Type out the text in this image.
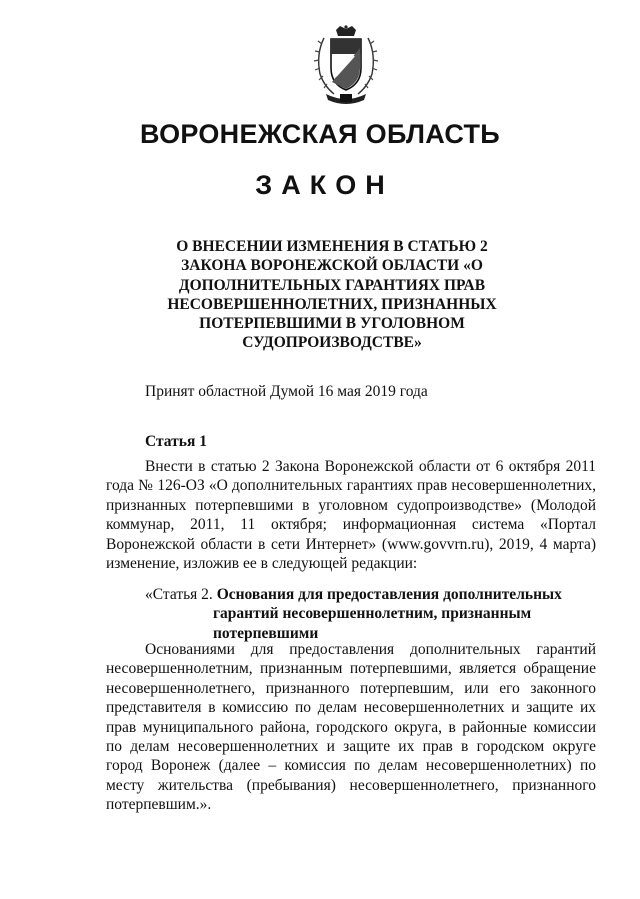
ВОРОНЕЖСКАЯ ОБЛАСТЬ
ЗАКОН

О ВНЕСЕНИИ ИЗМЕНЕНИЯ В СТАТЬЮ 2 ЗАКОНА ВОРОНЕЖСКОЙ ОБЛАСТИ «О ДОПОЛНИТЕЛЬНЫХ ГАРАНТИЯХ ПРАВ НЕСОВЕРШЕННОЛЕТНИХ, ПРИЗНАННЫХ ПОТЕРПЕВШИМИ В УГОЛОВНОМ СУДОПРОИЗВОДСТВЕ»

Принят областной Думой 16 мая 2019 года

Статья 1

Внести в статью 2 Закона Воронежской области от 6 октября 2011 года № 126-ОЗ «О дополнительных гарантиях прав несовершеннолетних, признанных потерпевшими в уголовном судопроизводстве» (Молодой коммунар, 2011, 11 октября; информационная система «Портал Воронежской области в сети Интернет» (www.govvrn.ru), 2019, 4 марта) изменение, изложив ее в следующей редакции:

«Статья 2. Основания для предоставления дополнительных
гарантий несовершеннолетним, признанным
потерпевшими

Основаниями для предоставления дополнительных гарантий несовершеннолетним, признанным потерпевшими, является обращение несовершеннолетнего, признанного потерпевшим, или его законного представителя в комиссию по делам несовершеннолетних и защите их прав муниципального района, городского округа, в районные комиссии по делам несовершеннолетних и защите их прав в городском округе город Воронеж (далее – комиссия по делам несовершеннолетних) по месту жительства (пребывания) несовершеннолетнего, признанного потерпевшим.».
